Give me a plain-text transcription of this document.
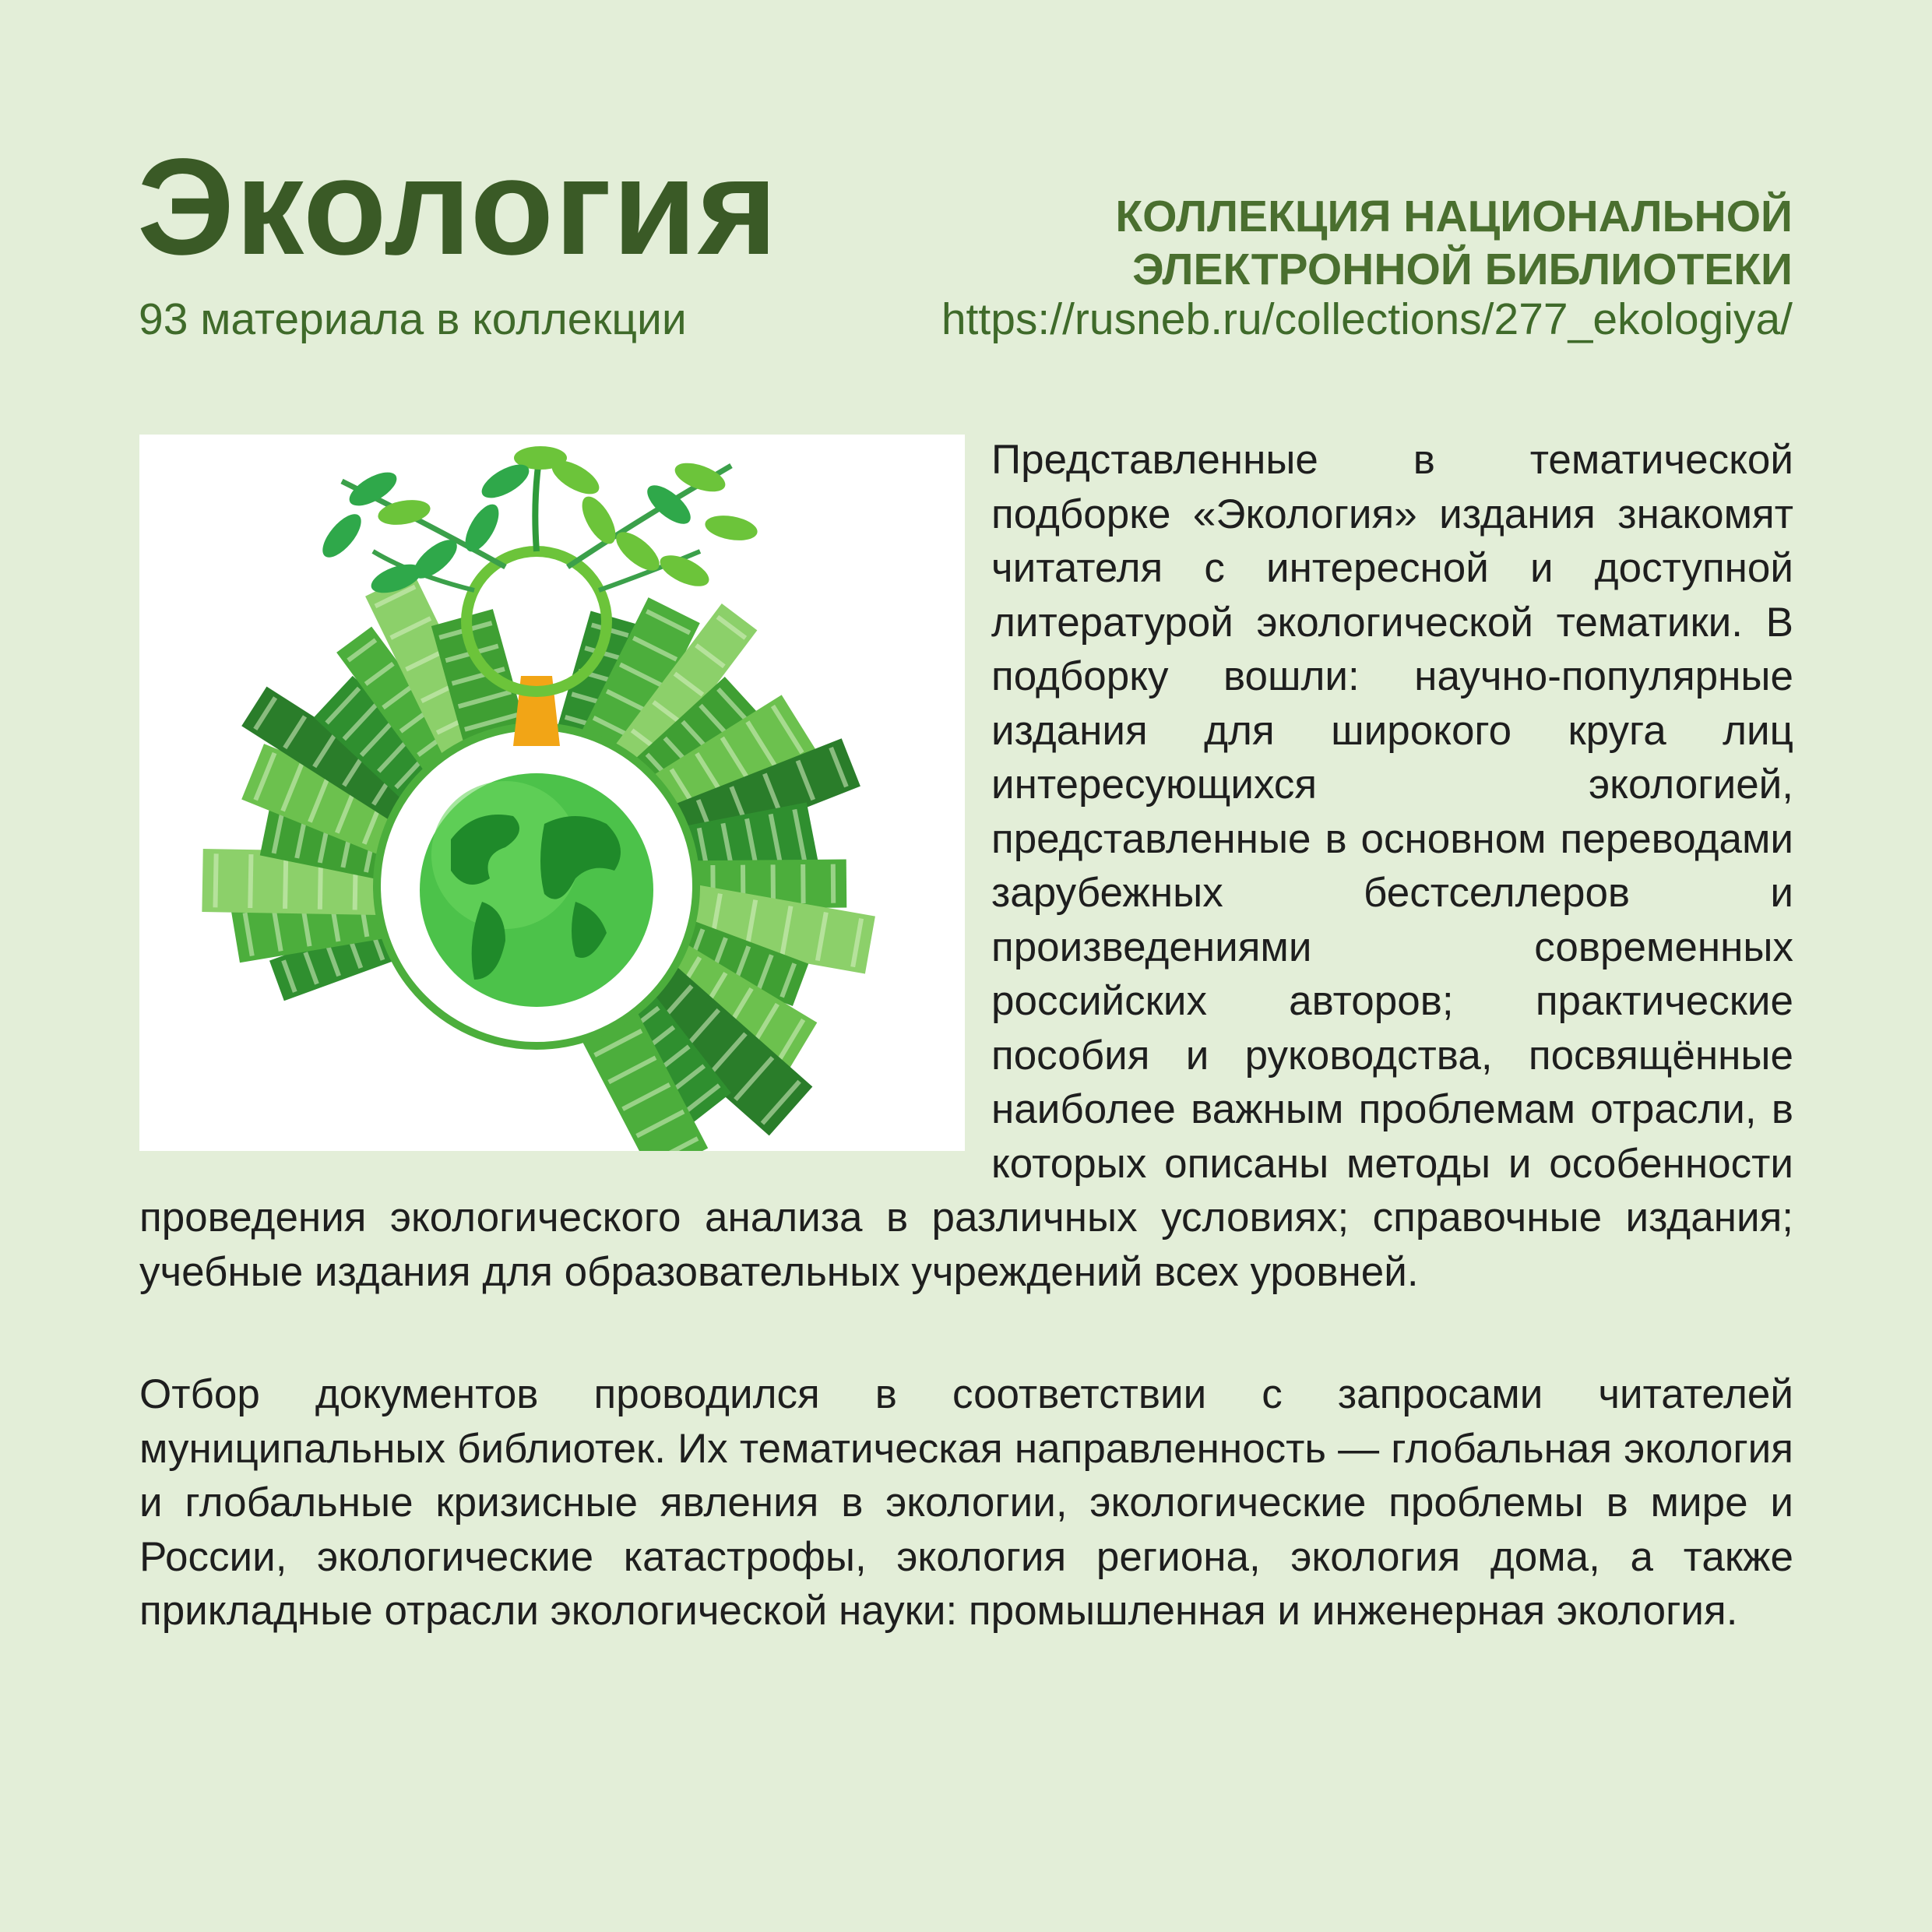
Экология
93 материала в коллекции
КОЛЛЕКЦИЯ НАЦИОНАЛЬНОЙ
ЭЛЕКТРОННОЙ БИБЛИОТЕКИ
https://rusneb.ru/collections/277_ekologiya/

Представленные в тематической подборке «Экология» издания знакомят читателя с интересной и доступной литературой экологической тематики. В подборку вошли: научно-популярные издания для широкого круга лиц интересующихся экологией, представленные в основном переводами зарубежных бестселлеров и произведениями современных российских авторов; практические пособия и руководства, посвящённые наиболее важным проблемам отрасли, в которых описаны методы и особенности проведения экологического анализа в различных условиях; справочные издания; учебные издания для образовательных учреждений всех уровней.

Отбор документов проводился в соответствии с запросами читателей муниципальных библиотек. Их тематическая направленность — глобальная экология и глобальные кризисные явления в экологии, экологические проблемы в мире и России, экологические катастрофы, экология региона, экология дома, а также прикладные отрасли экологической науки: промышленная и инженерная экология.
